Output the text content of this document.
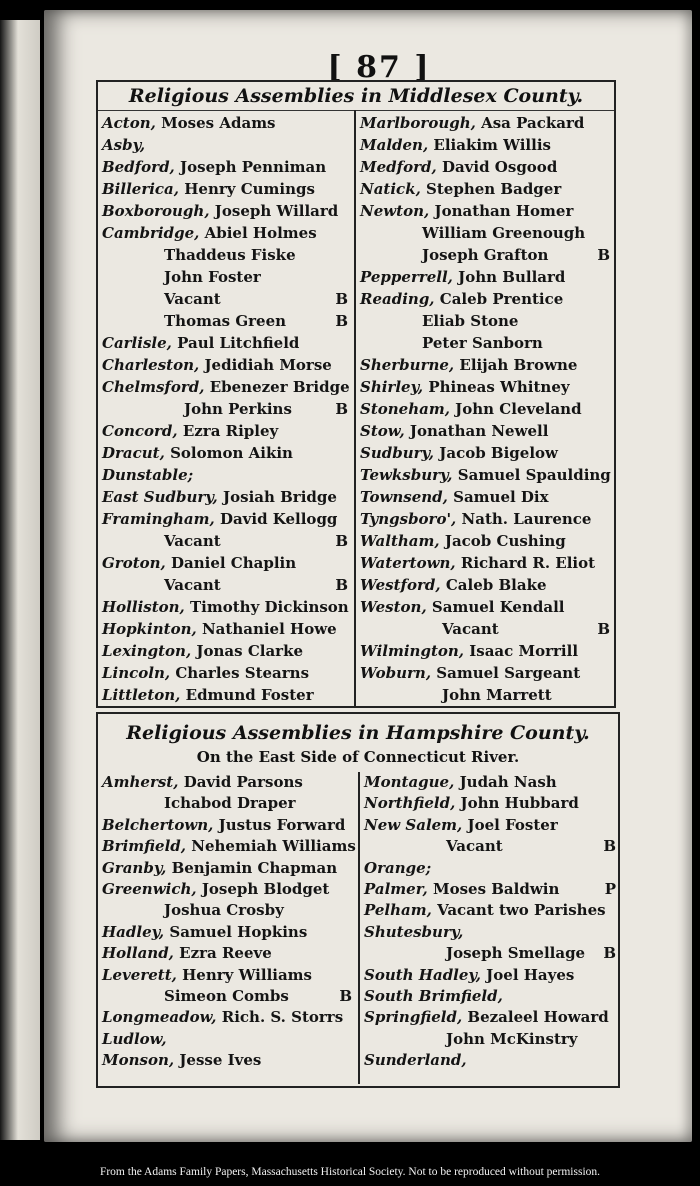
[ 87 ]
Religious Assemblies in Middlesex County.
Acton, Moses Adams
Asby,
Bedford, Joseph Penniman
Billerica, Henry Cumings
Boxborough, Joseph Willard
Cambridge, Abiel Holmes
Thaddeus Fiske
John Foster
Vacant	B
Thomas Green	B
Carlisle, Paul Litchfield
Charleston, Jedidiah Morse
Chelmsford, Ebenezer Bridge
John Perkins	B
Concord, Ezra Ripley
Dracut, Solomon Aikin
Dunstable;
East Sudbury, Josiah Bridge
Framingham, David Kellogg
Vacant	B
Groton, Daniel Chaplin
Vacant	B
Holliston, Timothy Dickinson
Hopkinton, Nathaniel Howe
Lexington, Jonas Clarke
Lincoln, Charles Stearns
Littleton, Edmund Foster
Marlborough, Asa Packard
Malden, Eliakim Willis
Medford, David Osgood
Natick, Stephen Badger
Newton, Jonathan Homer
William Greenough
Joseph Grafton	B
Pepperrell, John Bullard
Reading, Caleb Prentice
Eliab Stone
Peter Sanborn
Sherburne, Elijah Browne
Shirley, Phineas Whitney
Stoneham, John Cleveland
Stow, Jonathan Newell
Sudbury, Jacob Bigelow
Tewksbury, Samuel Spaulding
Townsend, Samuel Dix
Tyngsboro', Nath. Laurence
Waltham, Jacob Cushing
Watertown, Richard R. Eliot
Westford, Caleb Blake
Weston, Samuel Kendall
Vacant	B
Wilmington, Isaac Morrill
Woburn, Samuel Sargeant
John Marrett
Religious Assemblies in Hampshire County.
On the East Side of Connecticut River.
Amherst, David Parsons
Ichabod Draper
Belchertown, Justus Forward
Brimfield, Nehemiah Williams
Granby, Benjamin Chapman
Greenwich, Joseph Blodget
Joshua Crosby
Hadley, Samuel Hopkins
Holland, Ezra Reeve
Leverett, Henry Williams
Simeon Combs	B
Longmeadow, Rich. S. Storrs
Ludlow,
Monson, Jesse Ives
Montague, Judah Nash
Northfield, John Hubbard
New Salem, Joel Foster
Vacant	B
Orange;
Palmer, Moses Baldwin	P
Pelham, Vacant two Parishes
Shutesbury,
Joseph Smellage B
South Hadley, Joel Hayes
South Brimfield,
Springfield, Bezaleel Howard
John McKinstry
Sunderland,
From the Adams Family Papers, Massachusetts Historical Society. Not to be reproduced without permission.
